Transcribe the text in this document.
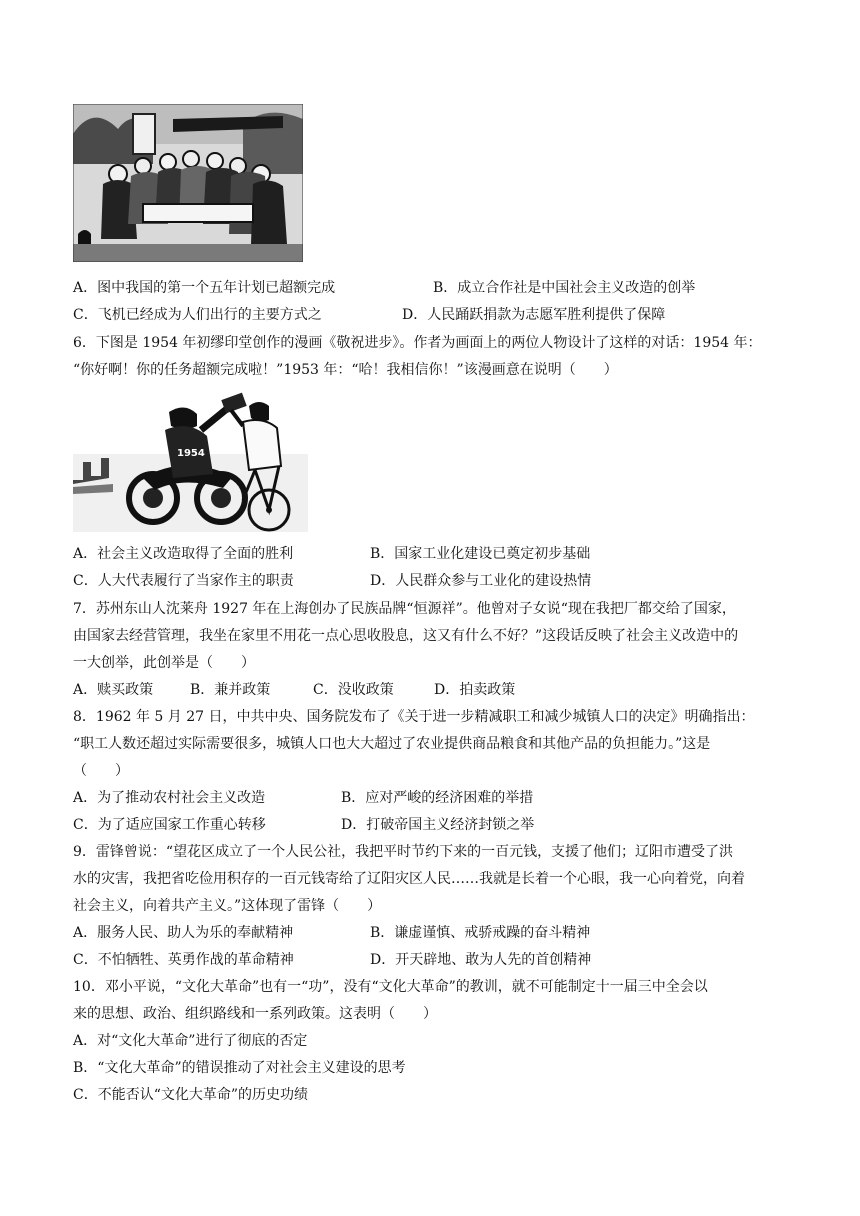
A．图中我国的第一个五年计划已超额完成	B．成立合作社是中国社会主义改造的创举
C．飞机已经成为人们出行的主要方式之	D．人民踊跃捐款为志愿军胜利提供了保障
6．下图是 1954 年初缪印堂创作的漫画《敬祝进步》。作者为画面上的两位人物设计了这样的对话：1954 年：
“你好啊！你的任务超额完成啦！”1953 年：“哈！我相信你！”该漫画意在说明（　　）
1954
A．社会主义改造取得了全面的胜利	B．国家工业化建设已奠定初步基础
C．人大代表履行了当家作主的职责	D．人民群众参与工业化的建设热情
7．苏州东山人沈莱舟 1927 年在上海创办了民族品牌“恒源祥”。他曾对子女说“现在我把厂都交给了国家，
由国家去经营管理，我坐在家里不用花一点心思收股息，这又有什么不好？”这段话反映了社会主义改造中的
一大创举，此创举是（　　）
A．赎买政策	B．兼并政策	C．没收政策	D．拍卖政策
8．1962 年 5 月 27 日，中共中央、国务院发布了《关于进一步精减职工和减少城镇人口的决定》明确指出：
“职工人数还超过实际需要很多，城镇人口也大大超过了农业提供商品粮食和其他产品的负担能力。”这是
（　　）
A．为了推动农村社会主义改造	B．应对严峻的经济困难的举措
C．为了适应国家工作重心转移	D．打破帝国主义经济封锁之举
9．雷锋曾说：“望花区成立了一个人民公社，我把平时节约下来的一百元钱，支援了他们；辽阳市遭受了洪
水的灾害，我把省吃俭用积存的一百元钱寄给了辽阳灾区人民……我就是长着一个心眼，我一心向着党，向着
社会主义，向着共产主义。”这体现了雷锋（　　）
A．服务人民、助人为乐的奉献精神	B．谦虚谨慎、戒骄戒躁的奋斗精神
C．不怕牺牲、英勇作战的革命精神	D．开天辟地、敢为人先的首创精神
10．邓小平说，“文化大革命”也有一“功”，没有“文化大革命”的教训，就不可能制定十一届三中全会以
来的思想、政治、组织路线和一系列政策。这表明（　　）
A．对“文化大革命”进行了彻底的否定
B．“文化大革命”的错误推动了对社会主义建设的思考
C．不能否认“文化大革命”的历史功绩
